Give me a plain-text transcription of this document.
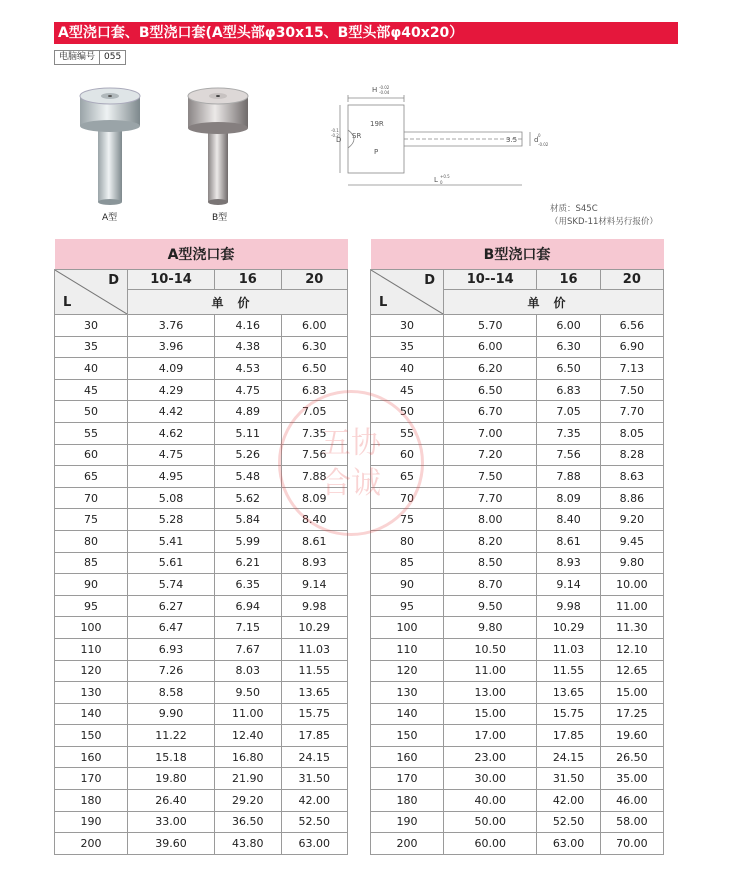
A型浇口套、B型浇口套(A型头部φ30x15、B型头部φ40x20）
电脑编号	055
A型	B型
H -0.02
-0.04
D
-0.1
-0.2 SR
19R
P
3.5 d
0
-0.02
L +0.5
0
材质：S45C
（用SKD-11材料另行报价）
A型浇口套			

D
L	10-14	16	20
	单价		
30	3.76	4.16	6.00
35	3.96	4.38	6.30
40	4.09	4.53	6.50
45	4.29	4.75	6.83
50	4.42	4.89	7.05
55	4.62	5.11	7.35
60	4.75	5.26	7.56
65	4.95	5.48	7.88
70	5.08	5.62	8.09
75	5.28	5.84	8.40
80	5.41	5.99	8.61
85	5.61	6.21	8.93
90	5.74	6.35	9.14
95	6.27	6.94	9.98
100	6.47	7.15	10.29
110	6.93	7.67	11.03
120	7.26	8.03	11.55
130	8.58	9.50	13.65
140	9.90	11.00	15.75
150	11.22	12.40	17.85
160	15.18	16.80	24.15
170	19.80	21.90	31.50
180	26.40	29.20	42.00
190	33.00	36.50	52.50
200	39.60	43.80	63.00
B型浇口套			

D
L	10--14	16	20
	单价		
30	5.70	6.00	6.56
35	6.00	6.30	6.90
40	6.20	6.50	7.13
45	6.50	6.83	7.50
50	6.70	7.05	7.70
55	7.00	7.35	8.05
60	7.20	7.56	8.28
65	7.50	7.88	8.63
70	7.70	8.09	8.86
75	8.00	8.40	9.20
80	8.20	8.61	9.45
85	8.50	8.93	9.80
90	8.70	9.14	10.00
95	9.50	9.98	11.00
100	9.80	10.29	11.30
110	10.50	11.03	12.10
120	11.00	11.55	12.65
130	13.00	13.65	15.00
140	15.00	15.75	17.25
150	17.00	17.85	19.60
160	23.00	24.15	26.50
170	30.00	31.50	35.00
180	40.00	42.00	46.00
190	50.00	52.50	58.00
200	60.00	63.00	70.00
五协
合诚
